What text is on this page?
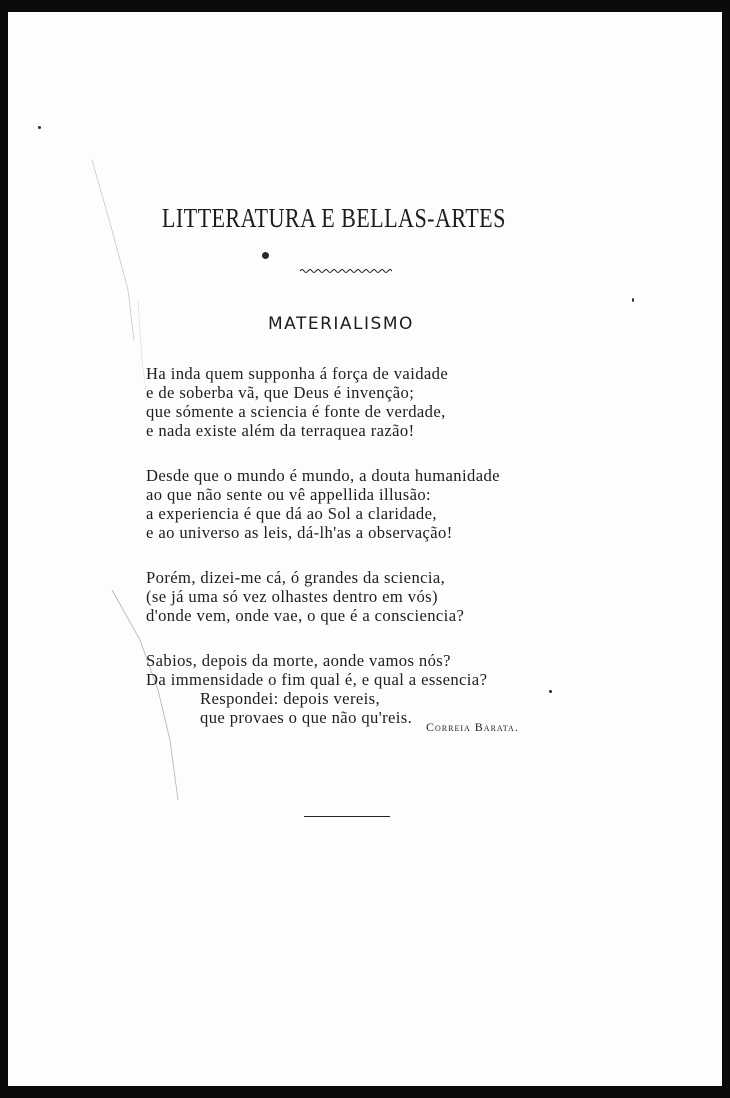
LITTERATURA E BELLAS-ARTES
MATERIALISMO
Ha inda quem supponha á força de vaidade
e de soberba vã, que Deus é invenção;
que sómente a sciencia é fonte de verdade,
e nada existe além da terraquea razão!
Desde que o mundo é mundo, a douta humanidade
ao que não sente ou vê appellida illusão:
a experiencia é que dá ao Sol a claridade,
e ao universo as leis, dá-lh'as a observação!
Porém, dizei-me cá, ó grandes da sciencia,
(se já uma só vez olhastes dentro em vós)
d'onde vem, onde vae, o que é a consciencia?
Sabios, depois da morte, aonde vamos nós?
Da immensidade o fim qual é, e qual a essencia?
Respondei: depois vereis,
que provaes o que não qu'reis.	Correia Barata.
